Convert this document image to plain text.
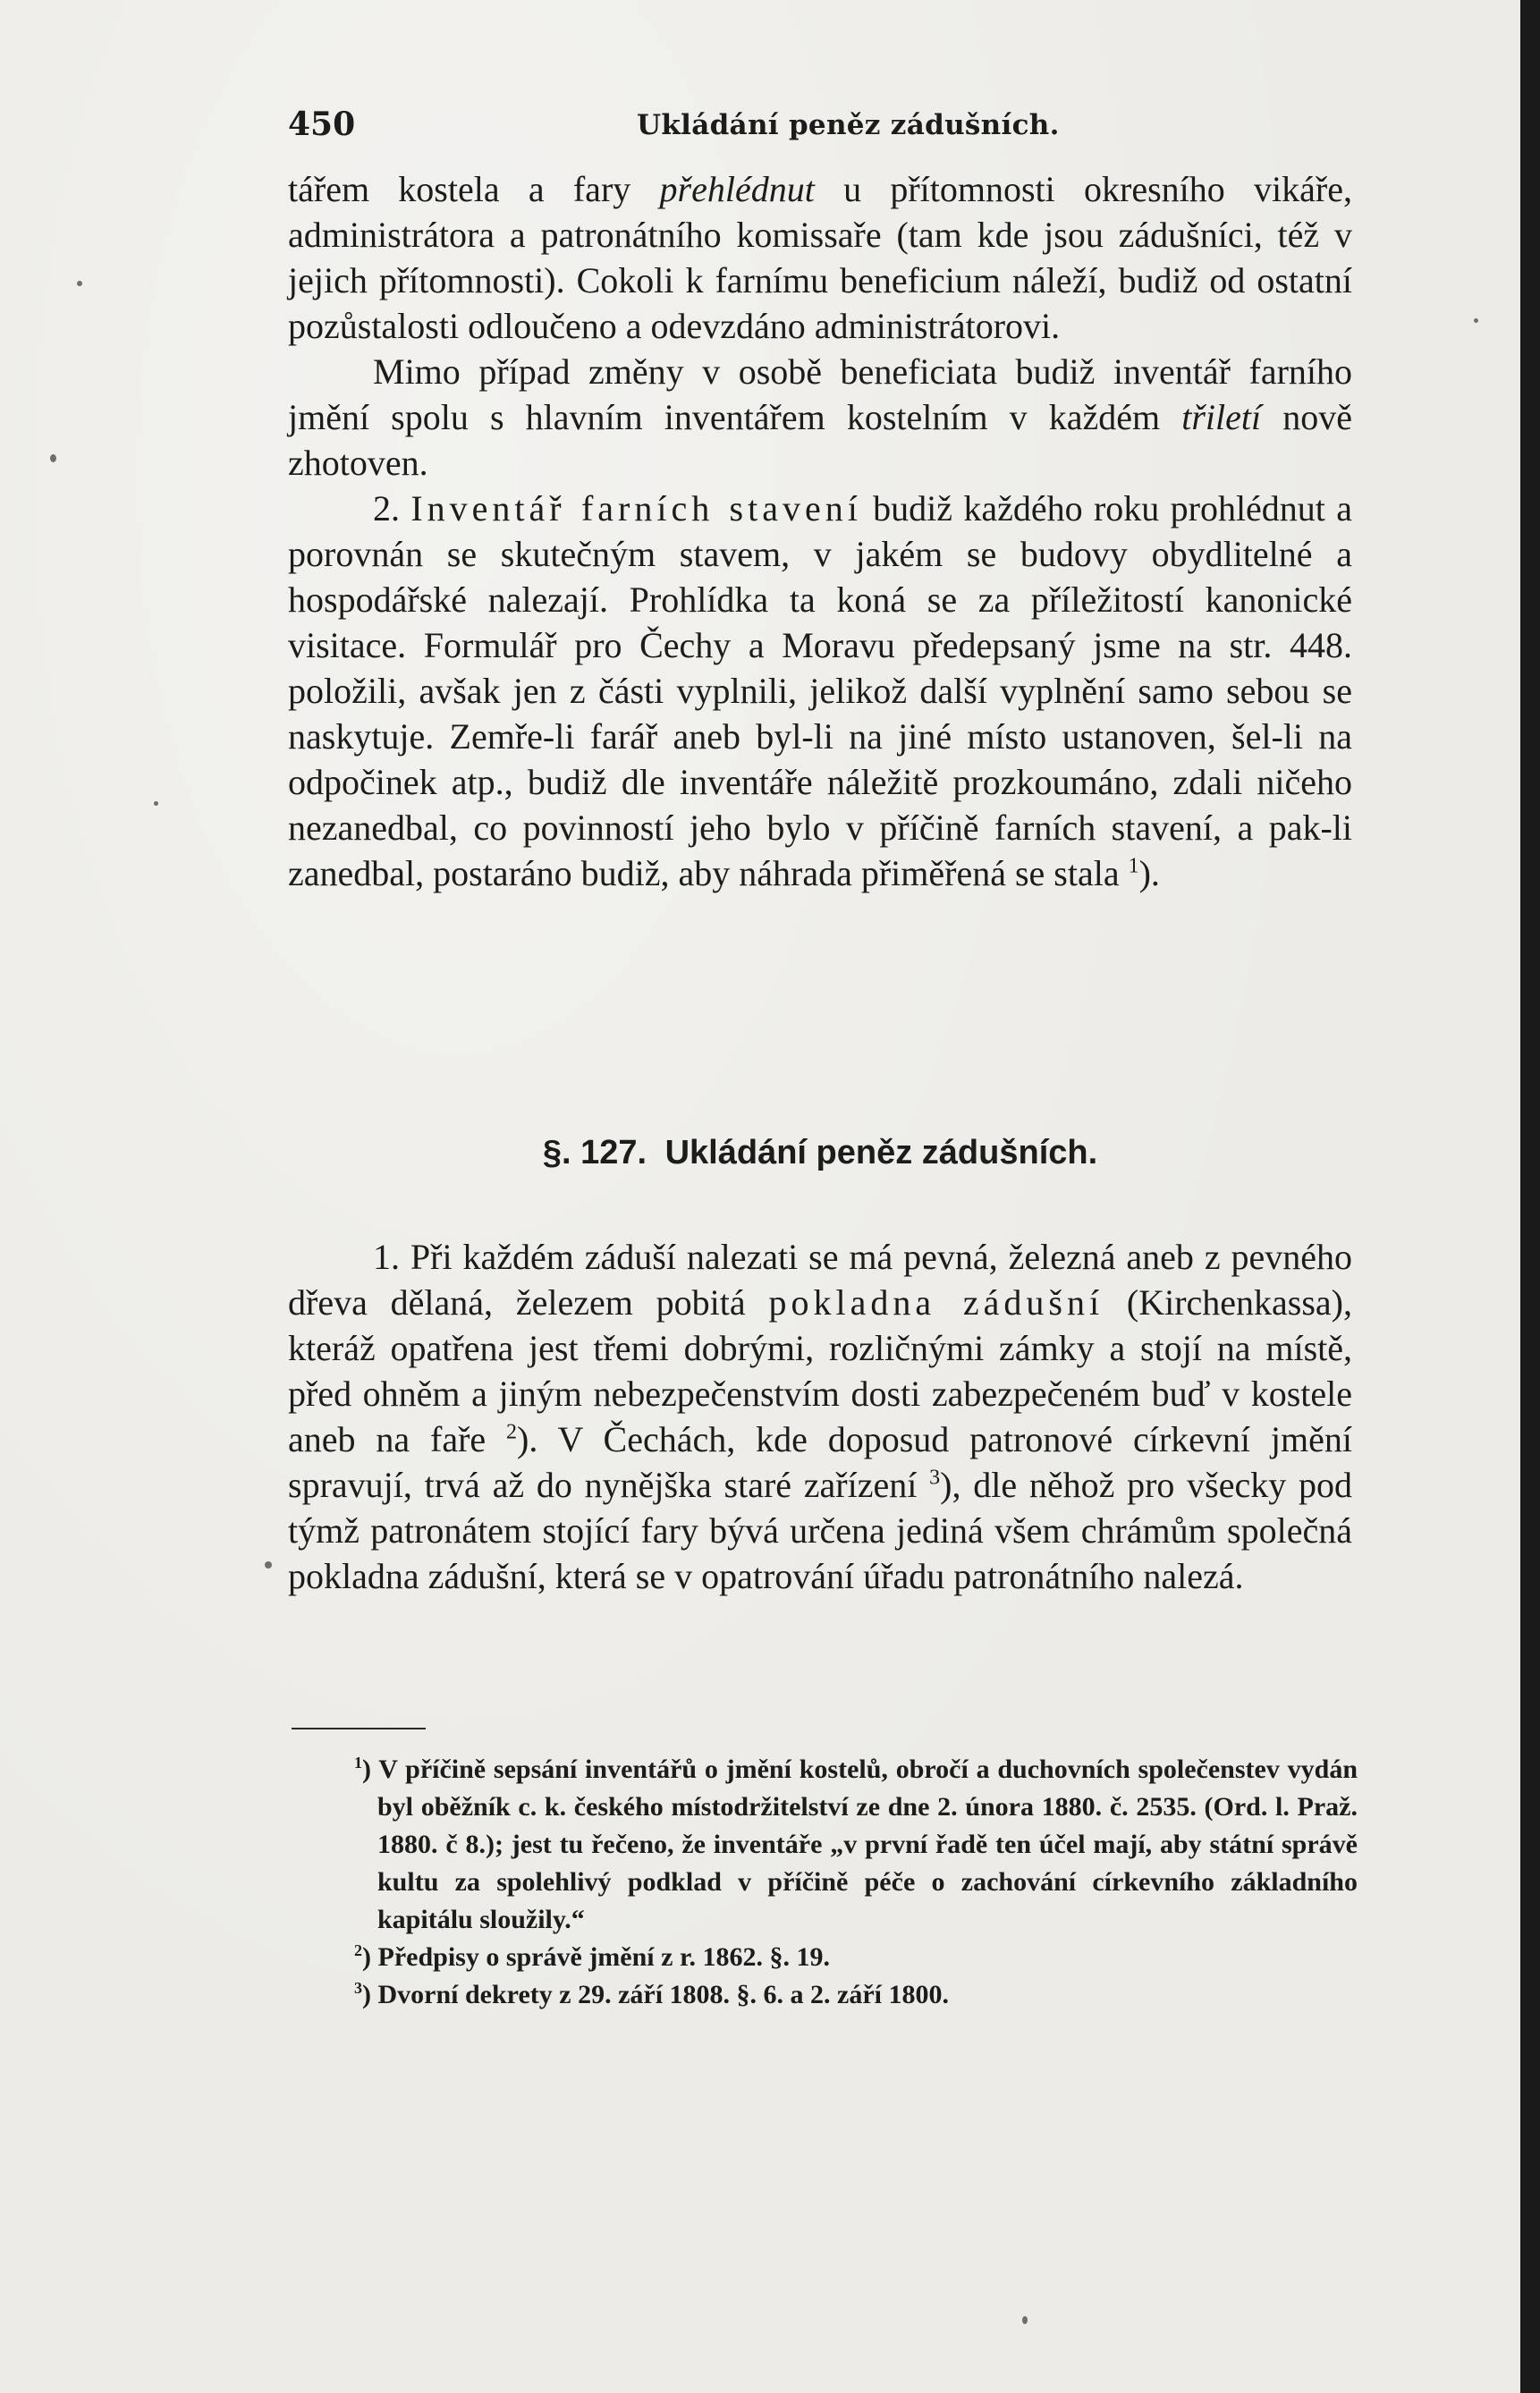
450	Ukládání peněz zádušních.

tářem kostela a fary přehlédnut u přítomnosti okresního vikáře, administrátora a patronátního komissaře (tam kde jsou zádušníci, též v jejich přítomnosti). Cokoli k farnímu beneficium náleží, budiž od ostatní pozůstalosti odloučeno a odevzdáno administrátorovi.

Mimo případ změny v osobě beneficiata budiž inventář farního jmění spolu s hlavním inventářem kostelním v každém třiletí nově zhotoven.

2. Inventář farních stavení budiž každého roku prohlédnut a porovnán se skutečným stavem, v jakém se budovy obydlitelné a hospodářské nalezají. Prohlídka ta koná se za příležitostí kanonické visitace. Formulář pro Čechy a Moravu předepsaný jsme na str. 448. položili, avšak jen z části vyplnili, jelikož další vyplnění samo sebou se naskytuje. Zemře-li farář aneb byl-li na jiné místo ustanoven, šel-li na odpočinek atp., budiž dle inventáře náležitě prozkoumáno, zdali ničeho nezanedbal, co povinností jeho bylo v příčině farních stavení, a pak-li zanedbal, postaráno budiž, aby náhrada přiměřená se stala $^1$).

§. 127. Ukládání peněz zádušních.

1. Při každém záduší nalezati se má pevná, železná aneb z pevného dřeva dělaná, železem pobitá pokladna zádušní (Kirchenkassa), kteráž opatřena jest třemi dobrými, rozličnými zámky a stojí na místě, před ohněm a jiným nebezpečenstvím dosti zabezpečeném buď v kostele aneb na faře $^2$). V Čechách, kde doposud patronové církevní jmění spravují, trvá až do nynějška staré zařízení $^3$), dle něhož pro všecky pod týmž patronátem stojící fary bývá určena jediná všem chrámům společná pokladna zádušní, která se v opatrování úřadu patronátního nalezá.

$^1$) V příčině sepsání inventářů o jmění kostelů, obročí a duchovních společenstev vydán byl oběžník c. k. českého místodržitelství ze dne 2. února 1880. č. 2535. (Ord. l. Praž. 1880. č 8.); jest tu řečeno, že inventáře „v první řadě ten účel mají, aby státní správě kultu za spolehlivý podklad v příčině péče o zachování církevního základního kapitálu sloužily.“

$^2$) Předpisy o správě jmění z r. 1862. §. 19.

$^3$) Dvorní dekrety z 29. září 1808. §. 6. a 2. září 1800.
